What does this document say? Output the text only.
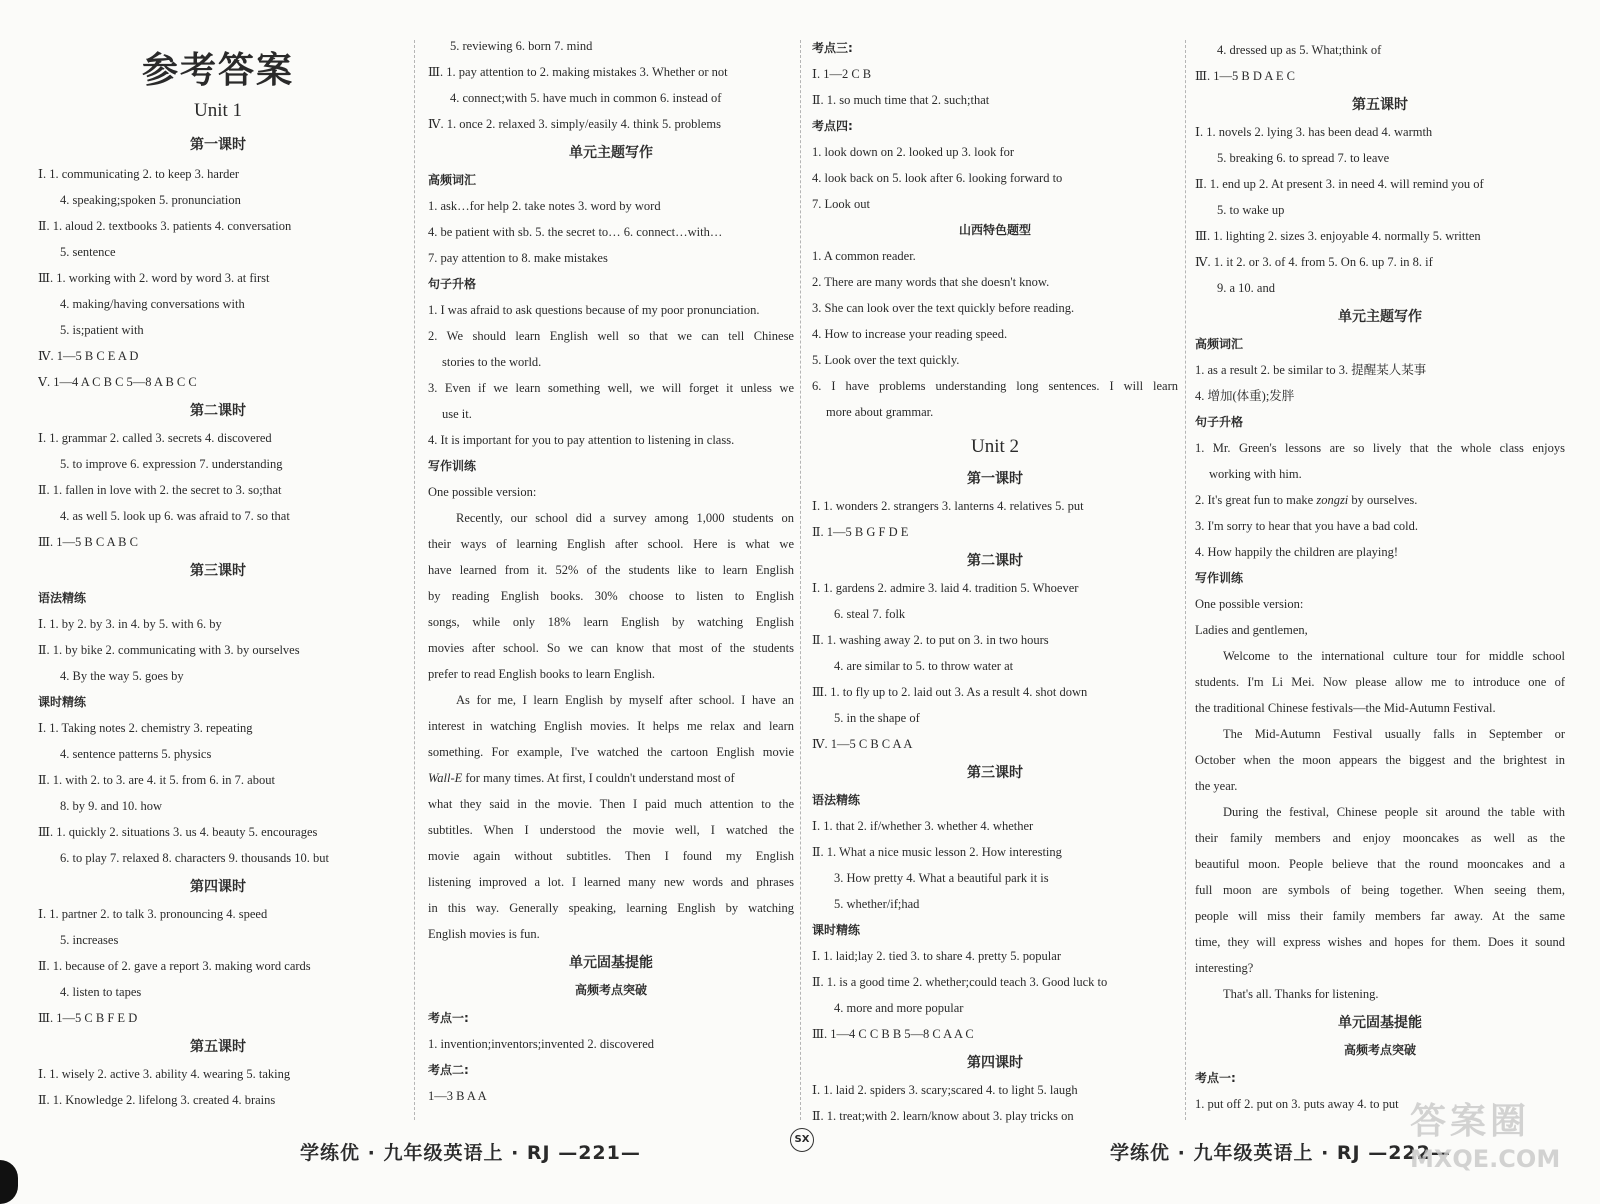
参考答案
Unit 1
第一课时
Ⅰ. 1. communicating 2. to keep 3. harder
4. speaking;spoken 5. pronunciation
Ⅱ. 1. aloud 2. textbooks 3. patients 4. conversation
5. sentence
Ⅲ. 1. working with 2. word by word 3. at first
4. making/having conversations with
5. is;patient with
Ⅳ. 1—5 B C E A D
Ⅴ. 1—4 A C B C 5—8 A B C C
第二课时
Ⅰ. 1. grammar 2. called 3. secrets 4. discovered
5. to improve 6. expression 7. understanding
Ⅱ. 1. fallen in love with 2. the secret to 3. so;that
4. as well 5. look up 6. was afraid to 7. so that
Ⅲ. 1—5 B C A B C
第三课时
语法精练
Ⅰ. 1. by 2. by 3. in 4. by 5. with 6. by
Ⅱ. 1. by bike 2. communicating with 3. by ourselves
4. By the way 5. goes by
课时精练
Ⅰ. 1. Taking notes 2. chemistry 3. repeating
4. sentence patterns 5. physics
Ⅱ. 1. with 2. to 3. are 4. it 5. from 6. in 7. about
8. by 9. and 10. how
Ⅲ. 1. quickly 2. situations 3. us 4. beauty 5. encourages
6. to play 7. relaxed 8. characters 9. thousands 10. but
第四课时
Ⅰ. 1. partner 2. to talk 3. pronouncing 4. speed
5. increases
Ⅱ. 1. because of 2. gave a report 3. making word cards
4. listen to tapes
Ⅲ. 1—5 C B F E D
第五课时
Ⅰ. 1. wisely 2. active 3. ability 4. wearing 5. taking
Ⅱ. 1. Knowledge 2. lifelong 3. created 4. brains
5. reviewing 6. born 7. mind
Ⅲ. 1. pay attention to 2. making mistakes 3. Whether or not
4. connect;with 5. have much in common 6. instead of
Ⅳ. 1. once 2. relaxed 3. simply/easily 4. think 5. problems
单元主题写作
高频词汇
1. ask…for help 2. take notes 3. word by word
4. be patient with sb. 5. the secret to… 6. connect…with…
7. pay attention to 8. make mistakes
句子升格
1. I was afraid to ask questions because of my poor pronunciation.
2. We should learn English well so that we can tell Chinese
stories to the world.
3. Even if we learn something well, we will forget it unless we
use it.
4. It is important for you to pay attention to listening in class.
写作训练
One possible version:
Recently, our school did a survey among 1,000 students on
their ways of learning English after school. Here is what we
have learned from it. 52% of the students like to learn English
by reading English books. 30% choose to listen to English
songs, while only 18% learn English by watching English
movies after school. So we can know that most of the students
prefer to read English books to learn English.
As for me, I learn English by myself after school. I have an
interest in watching English movies. It helps me relax and learn
something. For example, I've watched the cartoon English movie
Wall-E for many times. At first, I couldn't understand most of
what they said in the movie. Then I paid much attention to the
subtitles. When I understood the movie well, I watched the
movie again without subtitles. Then I found my English
listening improved a lot. I learned many new words and phrases
in this way. Generally speaking, learning English by watching
English movies is fun.
单元固基提能
高频考点突破
考点一:
1. invention;inventors;invented 2. discovered
考点二:
1—3 B A A
考点三:
Ⅰ. 1—2 C B
Ⅱ. 1. so much time that 2. such;that
考点四:
1. look down on 2. looked up 3. look for
4. look back on 5. look after 6. looking forward to
7. Look out
山西特色题型
1. A common reader.
2. There are many words that she doesn't know.
3. She can look over the text quickly before reading.
4. How to increase your reading speed.
5. Look over the text quickly.
6. I have problems understanding long sentences. I will learn
more about grammar.
Unit 2
第一课时
Ⅰ. 1. wonders 2. strangers 3. lanterns 4. relatives 5. put
Ⅱ. 1—5 B G F D E
第二课时
Ⅰ. 1. gardens 2. admire 3. laid 4. tradition 5. Whoever
6. steal 7. folk
Ⅱ. 1. washing away 2. to put on 3. in two hours
4. are similar to 5. to throw water at
Ⅲ. 1. to fly up to 2. laid out 3. As a result 4. shot down
5. in the shape of
Ⅳ. 1—5 C B C A A
第三课时
语法精练
Ⅰ. 1. that 2. if/whether 3. whether 4. whether
Ⅱ. 1. What a nice music lesson 2. How interesting
3. How pretty 4. What a beautiful park it is
5. whether/if;had
课时精练
Ⅰ. 1. laid;lay 2. tied 3. to share 4. pretty 5. popular
Ⅱ. 1. is a good time 2. whether;could teach 3. Good luck to
4. more and more popular
Ⅲ. 1—4 C C B B 5—8 C A A C
第四课时
Ⅰ. 1. laid 2. spiders 3. scary;scared 4. to light 5. laugh
Ⅱ. 1. treat;with 2. learn/know about 3. play tricks on
4. dressed up as 5. What;think of
Ⅲ. 1—5 B D A E C
第五课时
Ⅰ. 1. novels 2. lying 3. has been dead 4. warmth
5. breaking 6. to spread 7. to leave
Ⅱ. 1. end up 2. At present 3. in need 4. will remind you of
5. to wake up
Ⅲ. 1. lighting 2. sizes 3. enjoyable 4. normally 5. written
Ⅳ. 1. it 2. or 3. of 4. from 5. On 6. up 7. in 8. if
9. a 10. and
单元主题写作
高频词汇
1. as a result 2. be similar to 3. 提醒某人某事
4. 增加(体重);发胖
句子升格
1. Mr. Green's lessons are so lively that the whole class enjoys
working with him.
2. It's great fun to make zongzi by ourselves.
3. I'm sorry to hear that you have a bad cold.
4. How happily the children are playing!
写作训练
One possible version:
Ladies and gentlemen,
Welcome to the international culture tour for middle school
students. I'm Li Mei. Now please allow me to introduce one of
the traditional Chinese festivals—the Mid-Autumn Festival.
The Mid-Autumn Festival usually falls in September or
October when the moon appears the biggest and the brightest in
the year.
During the festival, Chinese people sit around the table with
their family members and enjoy mooncakes as well as the
beautiful moon. People believe that the round mooncakes and a
full moon are symbols of being together. When seeing them,
people will miss their family members far away. At the same
time, they will express wishes and hopes for them. Does it sound
interesting?
That's all. Thanks for listening.
单元固基提能
高频考点突破
考点一:
1. put off 2. put on 3. puts away 4. to put
学练优 · 九年级英语上 · RJ —221—
SX
学练优 · 九年级英语上 · RJ —222—
答案圈
MXQE.COM
